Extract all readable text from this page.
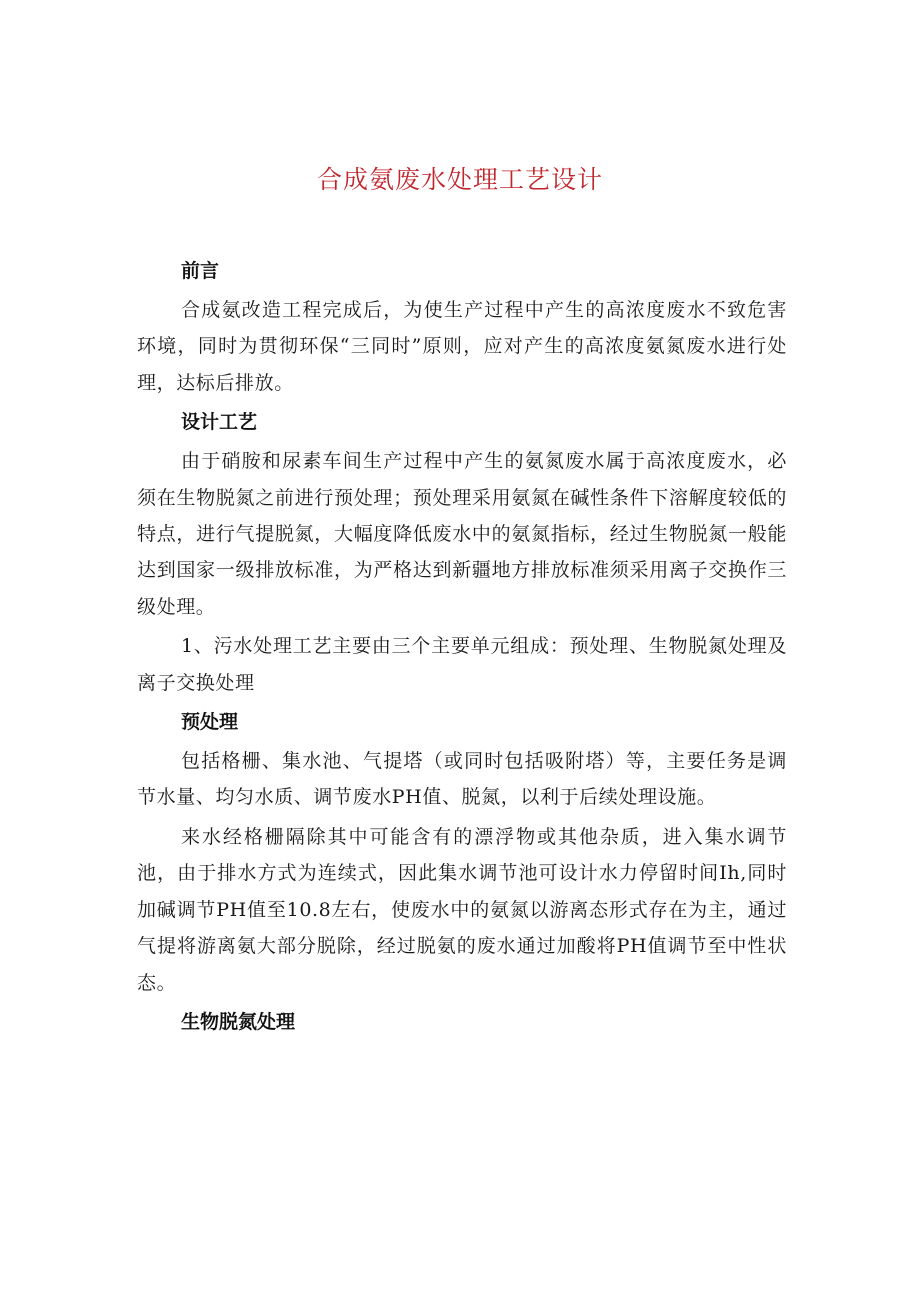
合成氨废水处理工艺设计
前言

合成氨改造工程完成后，为使生产过程中产生的高浓度废水不致危害环境，同时为贯彻环保“三同时”原则，应对产生的高浓度氨氮废水进行处理，达标后排放。

设计工艺

由于硝胺和尿素车间生产过程中产生的氨氮废水属于高浓度废水，必须在生物脱氮之前进行预处理；预处理采用氨氮在碱性条件下溶解度较低的特点，进行气提脱氮，大幅度降低废水中的氨氮指标，经过生物脱氮一般能达到国家一级排放标准，为严格达到新疆地方排放标准须采用离子交换作三级处理。

1、污水处理工艺主要由三个主要单元组成：预处理、生物脱氮处理及离子交换处理

预处理

包括格栅、集水池、气提塔（或同时包括吸附塔）等，主要任务是调节水量、均匀水质、调节废水PH值、脱氮，以利于后续处理设施。

来水经格栅隔除其中可能含有的漂浮物或其他杂质，进入集水调节池，由于排水方式为连续式，因此集水调节池可设计水力停留时间Ih,同时加碱调节PH值至10.8左右，使废水中的氨氮以游离态形式存在为主，通过气提将游离氨大部分脱除，经过脱氨的废水通过加酸将PH值调节至中性状态。

生物脱氮处理
